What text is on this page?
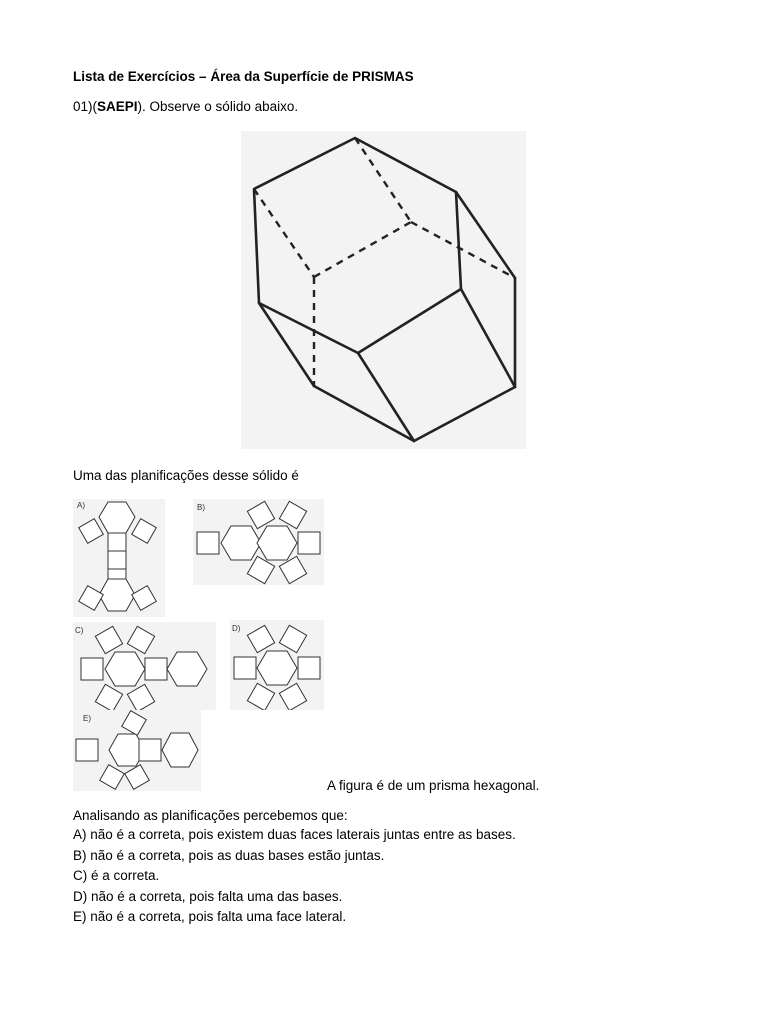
Lista de Exercícios – Área da Superfície de PRISMAS
01)(SAEPI). Observe o sólido abaixo.
Uma das planificações desse sólido é
A)	B)
C)	D)
E)
A figura é de um prisma hexagonal.
Analisando as planificações percebemos que:
A) não é a correta, pois existem duas faces laterais juntas entre as bases.
B) não é a correta, pois as duas bases estão juntas.
C) é a correta.
D) não é a correta, pois falta uma das bases.
E) não é a correta, pois falta uma face lateral.
